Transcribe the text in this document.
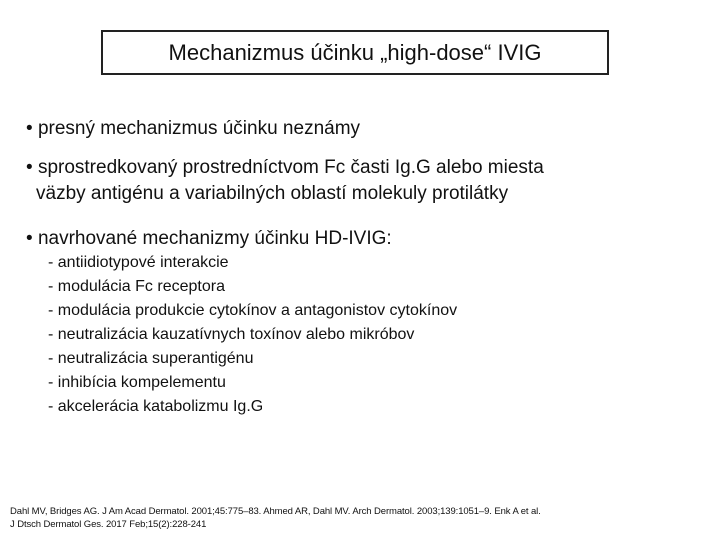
Mechanizmus účinku „high-dose“ IVIG
• presný mechanizmus účinku neznámy
• sprostredkovaný prostredníctvom Fc časti Ig.G alebo miesta
väzby antigénu a variabilných oblastí molekuly protilátky
• navrhované mechanizmy účinku HD-IVIG:
- antiidiotypové interakcie
- modulácia Fc receptora
- modulácia produkcie cytokínov a antagonistov cytokínov
- neutralizácia kauzatívnych toxínov alebo mikróbov
- neutralizácia superantigénu
- inhibícia kompelementu
- akcelerácia katabolizmu Ig.G
Dahl MV, Bridges AG. J Am Acad Dermatol. 2001;45:775–83. Ahmed AR, Dahl MV. Arch Dermatol. 2003;139:1051–9. Enk A et al.
J Dtsch Dermatol Ges. 2017 Feb;15(2):228-241
